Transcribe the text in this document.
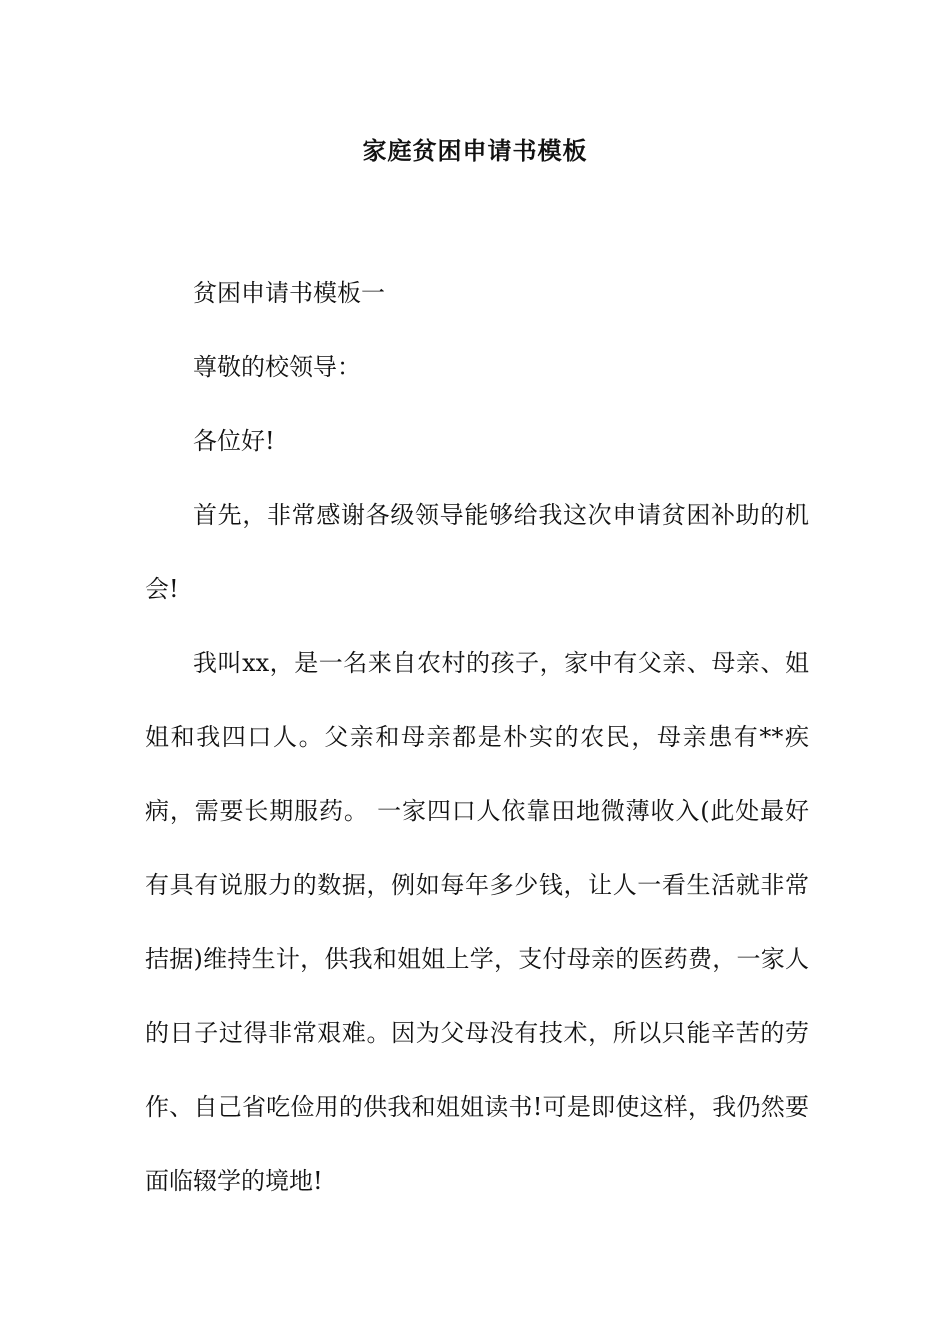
家庭贫困申请书模板

贫困申请书模板一

尊敬的校领导：

各位好!

首先，非常感谢各级领导能够给我这次申请贫困补助的机会!

我叫xx，是一名来自农村的孩子，家中有父亲、母亲、姐姐和我四口人。父亲和母亲都是朴实的农民，母亲患有**疾病，需要长期服药。 一家四口人依靠田地微薄收入(此处最好有具有说服力的数据，例如每年多少钱，让人一看生活就非常拮据)维持生计，供我和姐姐上学，支付母亲的医药费，一家人的日子过得非常艰难。因为父母没有技术，所以只能辛苦的劳作、自己省吃俭用的供我和姐姐读书!可是即使这样，我仍然要面临辍学的境地!
